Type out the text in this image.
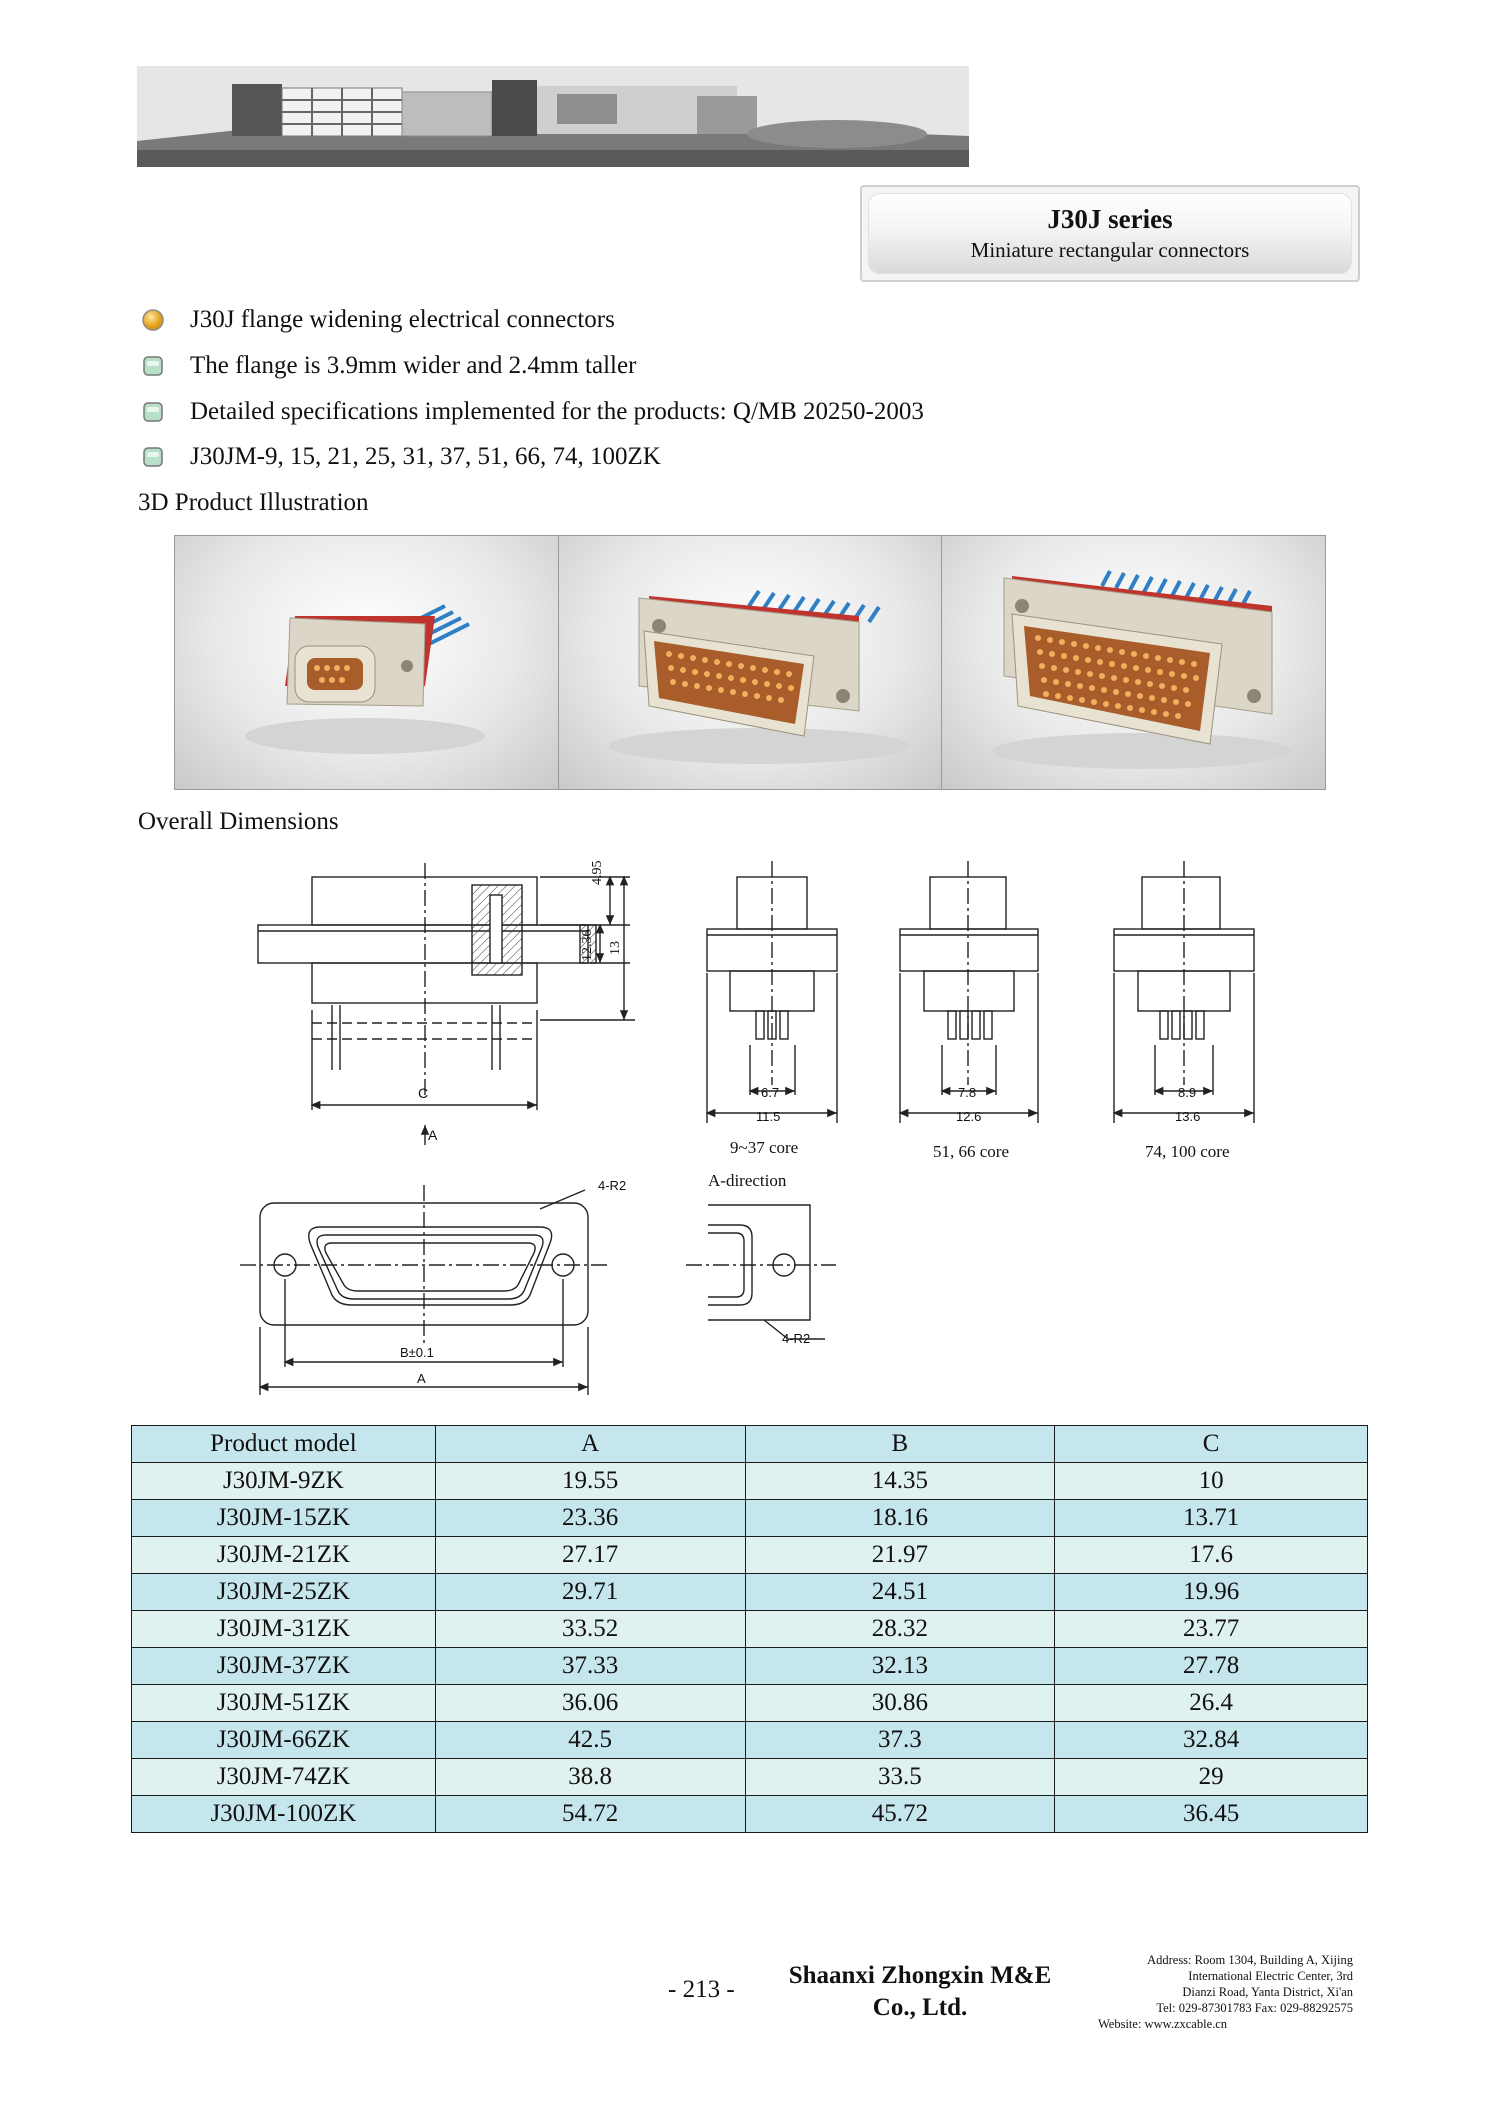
J30J series
Miniature rectangular connectors
J30J flange widening electrical connectors
The flange is 3.9mm wider and 2.4mm taller
Detailed specifications implemented for the products: Q/MB 20250-2003
J30JM-9, 15, 21, 25, 31, 37, 51, 66, 74, 100ZK
3D Product Illustration
Overall Dimensions
4.95
12.36 13
C
A
6.7
11.5
7.8
12.6
8.9
13.6
9~37 core	51, 66 core	74, 100 core
A-direction
4-R2
4-R2
B±0.1
A
Product model	A	B	C
J30JM-9ZK	19.55	14.35	10
J30JM-15ZK	23.36	18.16	13.71
J30JM-21ZK	27.17	21.97	17.6
J30JM-25ZK	29.71	24.51	19.96
J30JM-31ZK	33.52	28.32	23.77
J30JM-37ZK	37.33	32.13	27.78
J30JM-51ZK	36.06	30.86	26.4
J30JM-66ZK	42.5	37.3	32.84
J30JM-74ZK	38.8	33.5	29
J30JM-100ZK	54.72	45.72	36.45
- 213 -
Shaanxi Zhongxin M&E
Co., Ltd.
Address: Room 1304, Building A, Xijing
International Electric Center, 3rd
Dianzi Road, Yanta District, Xi'an
Tel: 029-87301783 Fax: 029-88292575
Website: www.zxcable.cn
